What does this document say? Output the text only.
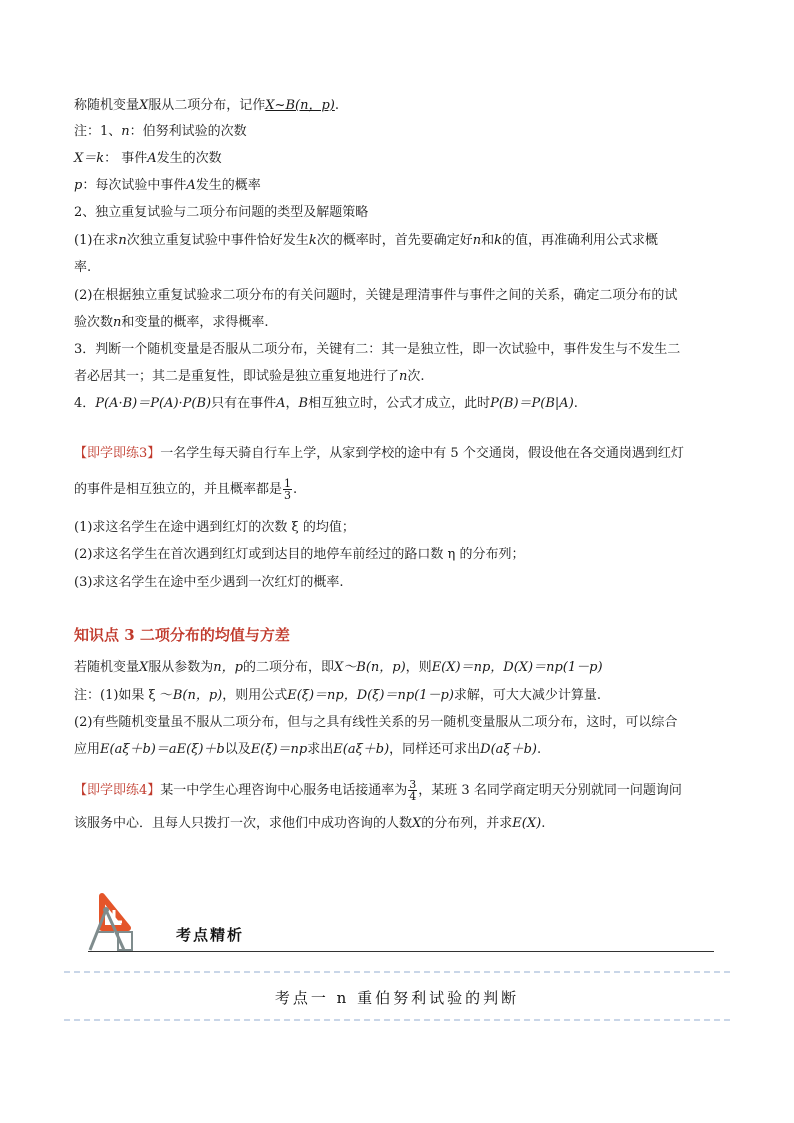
称随机变量X服从二项分布，记作X~B(n，p).
注：1、n：伯努利试验的次数
X＝k： 事件A发生的次数
p：每次试验中事件A发生的概率
2、独立重复试验与二项分布问题的类型及解题策略
(1)在求n次独立重复试验中事件恰好发生k次的概率时，首先要确定好n和k的值，再准确利用公式求概
率.
(2)在根据独立重复试验求二项分布的有关问题时，关键是理清事件与事件之间的关系，确定二项分布的试
验次数n和变量的概率，求得概率.
3．判断一个随机变量是否服从二项分布，关键有二：其一是独立性，即一次试验中，事件发生与不发生二
者必居其一；其二是重复性，即试验是独立重复地进行了n次.
4．P(A·B)＝P(A)·P(B)只有在事件A，B相互独立时，公式才成立，此时P(B)＝P(B|A).
【即学即练3】一名学生每天骑自行车上学，从家到学校的途中有 5 个交通岗，假设他在各交通岗遇到红灯
的事件是相互独立的，并且概率都是 $\frac{1}{3}$ .
(1)求这名学生在途中遇到红灯的次数 ξ 的均值；
(2)求这名学生在首次遇到红灯或到达目的地停车前经过的路口数 η 的分布列；
(3)求这名学生在途中至少遇到一次红灯的概率.
知识点 3 二项分布的均值与方差
若随机变量X服从参数为n，p的二项分布，即X～B(n，p)，则E(X)＝np，D(X)＝np(1－p)
注：(1)如果 ξ ～B(n，p)，则用公式E(ξ)＝np，D(ξ)＝np(1－p)求解，可大大减少计算量.
(2)有些随机变量虽不服从二项分布，但与之具有线性关系的另一随机变量服从二项分布，这时，可以综合
应用E(aξ＋b)＝aE(ξ)＋b以及E(ξ)＝np求出E(aξ＋b)，同样还可求出D(aξ＋b).
【即学即练4】某一中学生心理咨询中心服务电话接通率为 $\frac{3}{4}$ ，某班 3 名同学商定明天分别就同一问题询问
该服务中心．且每人只拨打一次，求他们中成功咨询的人数X的分布列，并求E(X).
考点精析
考点一 n 重伯努利试验的判断
